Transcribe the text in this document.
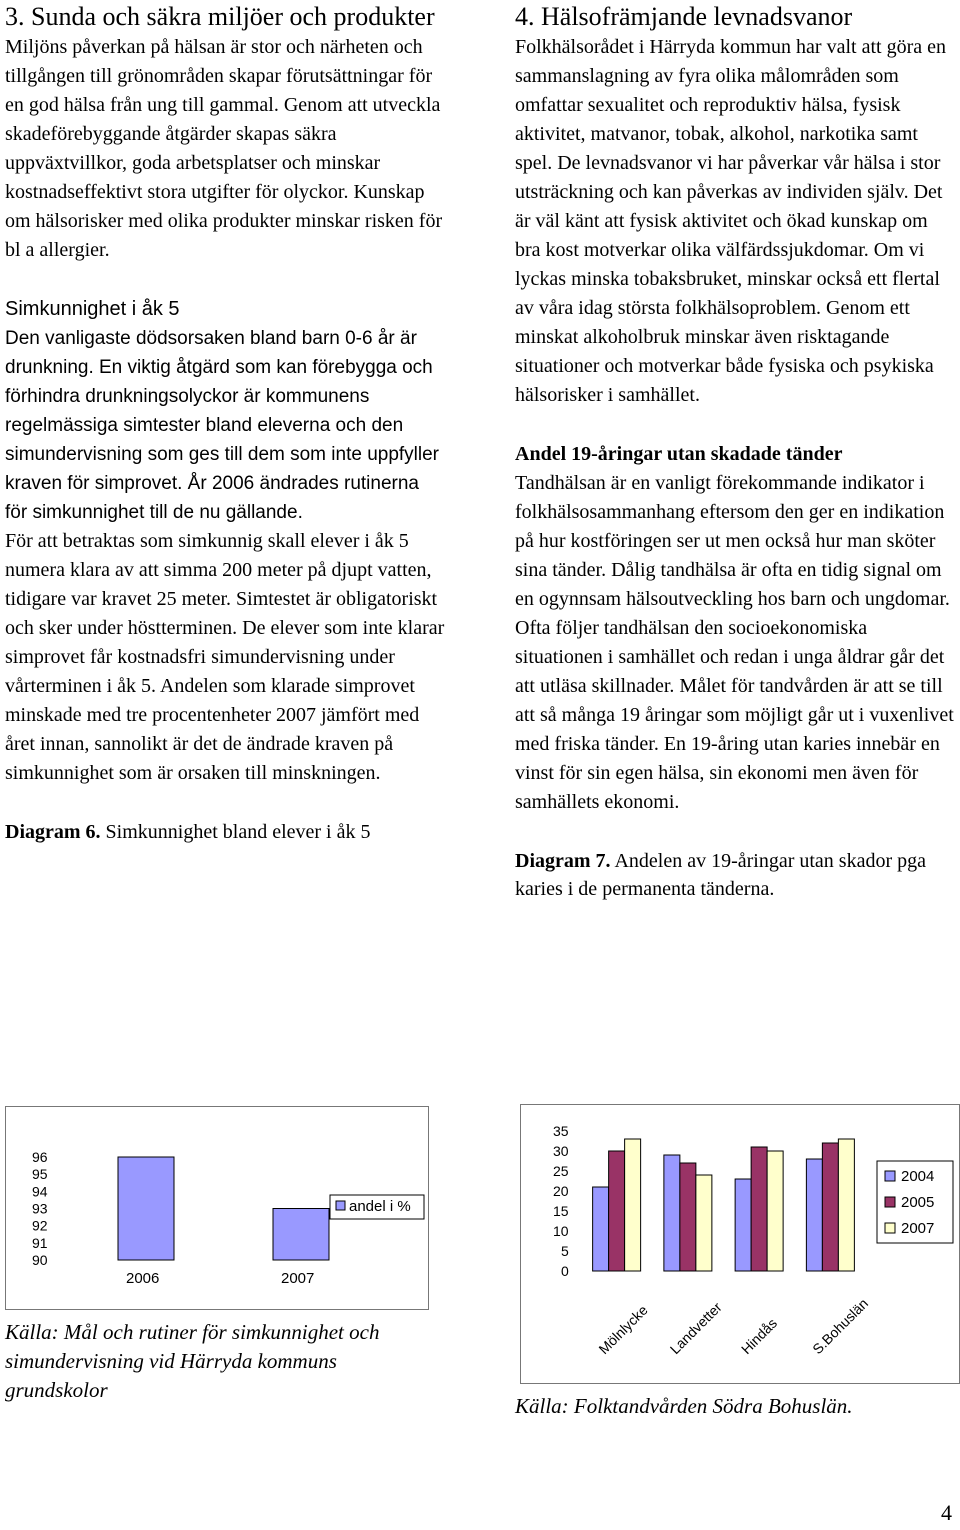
3. Sunda och säkra miljöer och produkter

Miljöns påverkan på hälsan är stor och närheten och tillgången till grönområden skapar förutsättningar för en god hälsa från ung till gammal. Genom att utveckla skadeförebyggande åtgärder skapas säkra uppväxtvillkor, goda arbetsplatser och minskar kostnadseffektivt stora utgifter för olyckor. Kunskap om hälsorisker med olika produkter minskar risken för bl a allergier.

Simkunnighet i åk 5

Den vanligaste dödsorsaken bland barn 0-6 år är drunkning. En viktig åtgärd som kan förebygga och förhindra drunkningsolyckor är kommunens regelmässiga simtester bland eleverna och den simundervisning som ges till dem som inte uppfyller kraven för simprovet. År 2006 ändrades rutinerna för simkunnighet till de nu gällande.

För att betraktas som simkunnig skall elever i åk 5 numera klara av att simma 200 meter på djupt vatten, tidigare var kravet 25 meter. Simtestet är obligatoriskt och sker under höstterminen. De elever som inte klarar simprovet får kostnadsfri simundervisning under vårterminen i åk 5. Andelen som klarade simprovet minskade med tre procentenheter 2007 jämfört med året innan, sannolikt är det de ändrade kraven på simkunnighet som är orsaken till minskningen.

Diagram 6. Simkunnighet bland elever i åk 5

96
95
94
93
92
91
90
2006	2007
andel i %

Källa: Mål och rutiner för simkunnighet och simundervisning vid Härryda kommuns grundskolor

4. Hälsofrämjande levnadsvanor

Folkhälsorådet i Härryda kommun har valt att göra en sammanslagning av fyra olika målområden som omfattar sexualitet och reproduktiv hälsa, fysisk aktivitet, matvanor, tobak, alkohol, narkotika samt spel. De levnadsvanor vi har påverkar vår hälsa i stor utsträckning och kan påverkas av individen själv. Det är väl känt att fysisk aktivitet och ökad kunskap om bra kost motverkar olika välfärdssjukdomar. Om vi lyckas minska tobaksbruket, minskar också ett flertal av våra idag största folkhälsoproblem. Genom ett minskat alkoholbruk minskar även risktagande situationer och motverkar både fysiska och psykiska hälsorisker i samhället.

Andel 19-åringar utan skadade tänder

Tandhälsan är en vanligt förekommande indikator i folkhälsosammanhang eftersom den ger en indikation på hur kostföringen ser ut men också hur man sköter sina tänder. Dålig tandhälsa är ofta en tidig signal om en ogynnsam hälsoutveckling hos barn och ungdomar. Ofta följer tandhälsan den socioekonomiska situationen i samhället och redan i unga åldrar går det att utläsa skillnader. Målet för tandvården är att se till att så många 19 åringar som möjligt går ut i vuxenlivet med friska tänder. En 19-åring utan karies innebär en vinst för sin egen hälsa, sin ekonomi men även för samhällets ekonomi.

Diagram 7. Andelen av 19-åringar utan skador pga karies i de permanenta tänderna.

35
30
25
20
15
10
5
0
Mölnlycke Landvetter Hindås S.Bohuslän
2004
2005
2007

Källa: Folktandvården Södra Bohuslän.

4
